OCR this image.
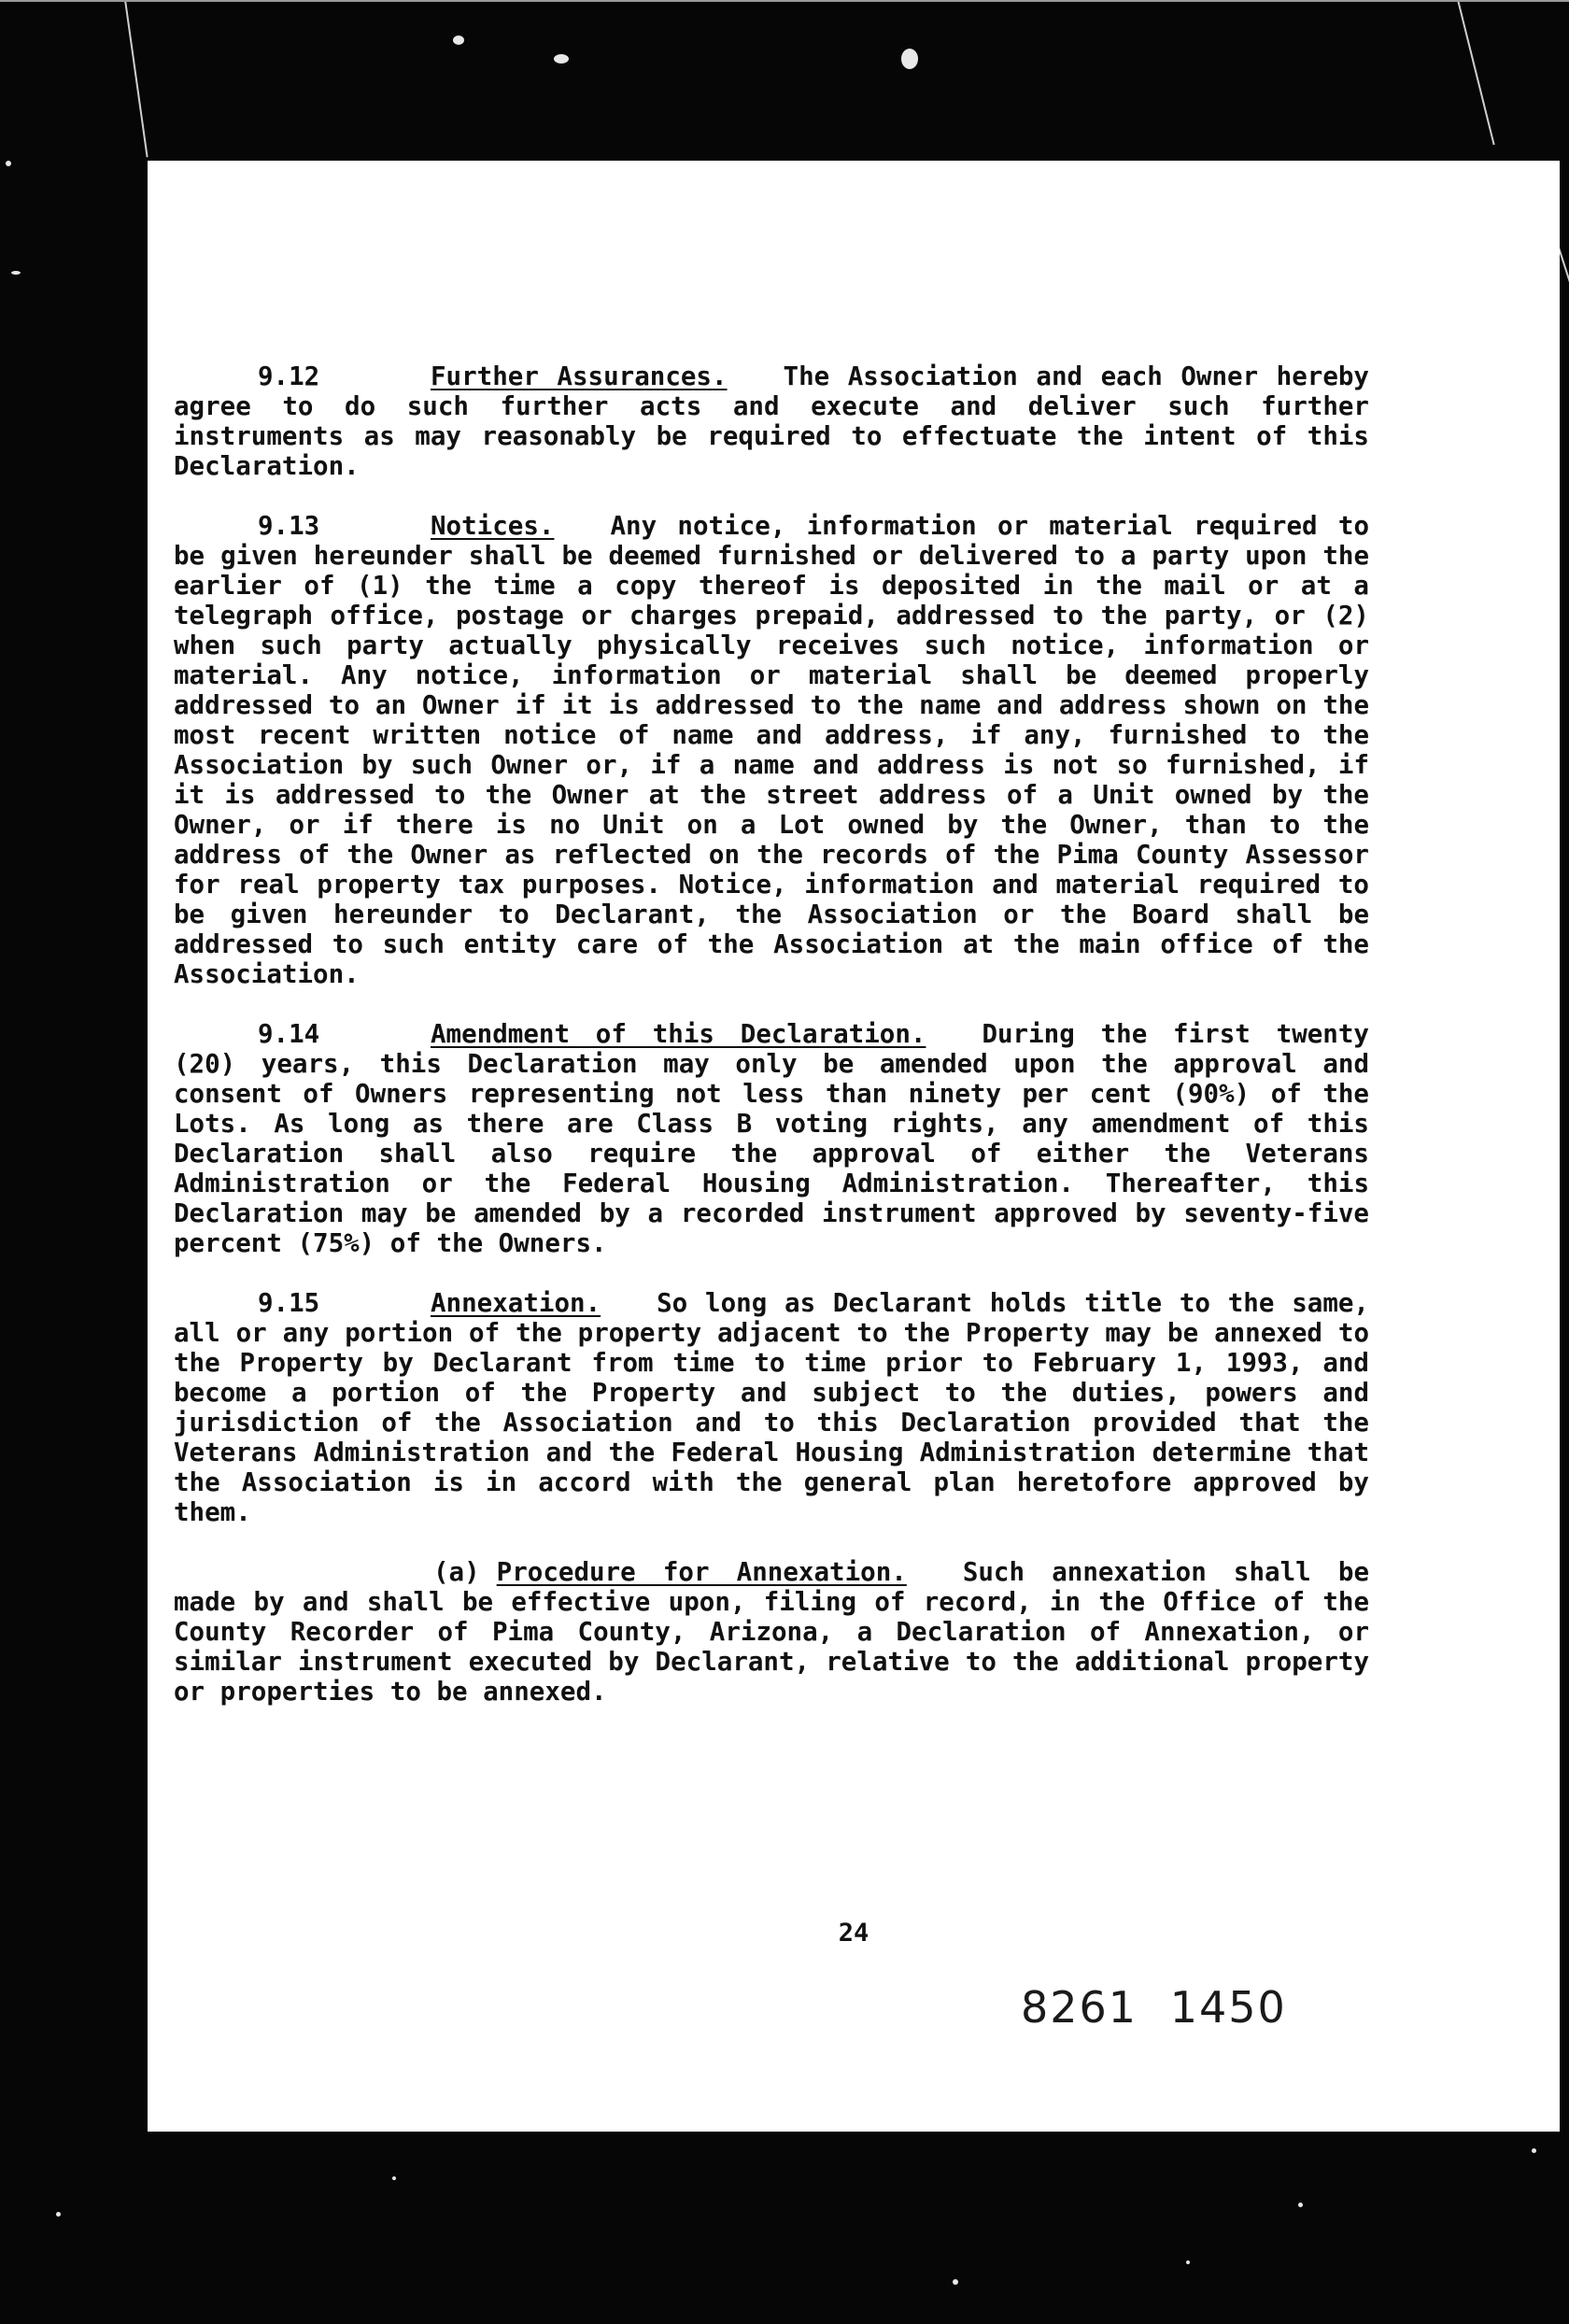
9.12	Further Assurances. The Association and each Owner hereby agree to do such further acts and execute and deliver such further instruments as may reasonably be required to effectuate the intent of this Declaration.

9.13	Notices. Any notice, information or material required to be given hereunder shall be deemed furnished or delivered to a party upon the earlier of (1) the time a copy thereof is deposited in the mail or at a telegraph office, postage or charges prepaid, addressed to the party, or (2) when such party actually physically receives such notice, information or material. Any notice, information or material shall be deemed properly addressed to an Owner if it is addressed to the name and address shown on the most recent written notice of name and address, if any, furnished to the Association by such Owner or, if a name and address is not so furnished, if it is addressed to the Owner at the street address of a Unit owned by the Owner, or if there is no Unit on a Lot owned by the Owner, than to the address of the Owner as reflected on the records of the Pima County Assessor for real property tax purposes. Notice, information and material required to be given hereunder to Declarant, the Association or the Board shall be addressed to such entity care of the Association at the main office of the Association.

9.14	Amendment of this Declaration. During the first twenty (20) years, this Declaration may only be amended upon the approval and consent of Owners representing not less than ninety per cent (90%) of the Lots. As long as there are Class B voting rights, any amendment of this Declaration shall also require the approval of either the Veterans Administration or the Federal Housing Administration. Thereafter, this Declaration may be amended by a recorded instrument approved by seventy-five percent (75%) of the Owners.

9.15	Annexation. So long as Declarant holds title to the same, all or any portion of the property adjacent to the Property may be annexed to the Property by Declarant from time to time prior to February 1, 1993, and become a portion of the Property and subject to the duties, powers and jurisdiction of the Association and to this Declaration provided that the Veterans Administration and the Federal Housing Administration determine that the Association is in accord with the general plan heretofore approved by them.

(a) Procedure for Annexation. Such annexation shall be made by and shall be effective upon, filing of record, in the Office of the County Recorder of Pima County, Arizona, a Declaration of Annexation, or similar instrument executed by Declarant, relative to the additional property or properties to be annexed.

24
8261 1450
